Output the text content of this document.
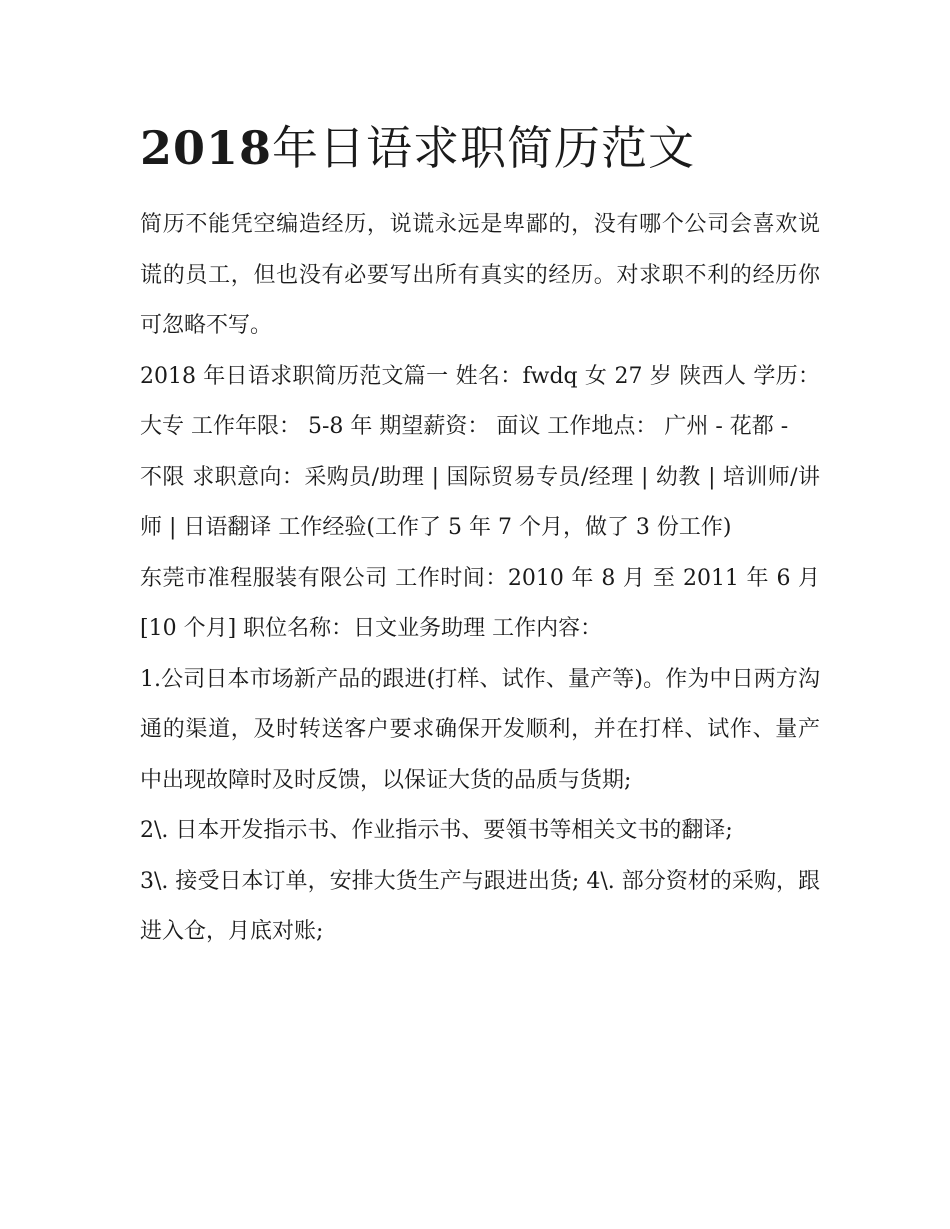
2018年日语求职简历范文

简历不能凭空编造经历，说谎永远是卑鄙的，没有哪个公司会喜欢说谎的员工，但也没有必要写出所有真实的经历。对求职不利的经历你可忽略不写。

2018 年日语求职简历范文篇一 姓名：fwdq 女 27 岁 陕西人 学历： 大专 工作年限： 5-8 年 期望薪资： 面议 工作地点： 广州 - 花都 -

不限 求职意向：采购员/助理 | 国际贸易专员/经理 | 幼教 | 培训师/讲师 | 日语翻译 工作经验(工作了 5 年 7 个月，做了 3 份工作)

东莞市准程服装有限公司 工作时间：2010 年 8 月 至 2011 年 6 月[10 个月] 职位名称：日文业务助理 工作内容：

1.公司日本市场新产品的跟进(打样、试作、量产等)。作为中日两方沟通的渠道，及时转送客户要求确保开发顺利，并在打样、试作、量产中出现故障时及时反馈，以保证大货的品质与货期;

2\. 日本开发指示书、作业指示书、要領书等相关文书的翻译;

3\. 接受日本订单，安排大货生产与跟进出货; 4\. 部分资材的采购，跟进入仓，月底对账;
